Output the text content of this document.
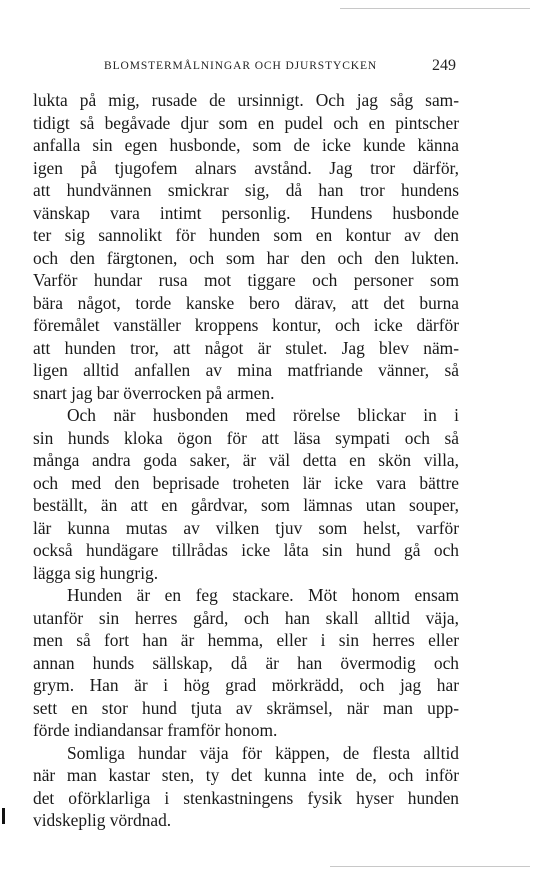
BLOMSTERMÅLNINGAR OCH DJURSTYCKEN	249
lukta på mig, rusade de ursinnigt. Och jag såg sam-
tidigt så begåvade djur som en pudel och en pintscher
anfalla sin egen husbonde, som de icke kunde känna
igen på tjugofem alnars avstånd. Jag tror därför,
att hundvännen smickrar sig, då han tror hundens
vänskap vara intimt personlig. Hundens husbonde
ter sig sannolikt för hunden som en kontur av den
och den färgtonen, och som har den och den lukten.
Varför hundar rusa mot tiggare och personer som
bära något, torde kanske bero därav, att det burna
föremålet vanställer kroppens kontur, och icke därför
att hunden tror, att något är stulet. Jag blev näm-
ligen alltid anfallen av mina matfriande vänner, så
snart jag bar överrocken på armen.
Och när husbonden med rörelse blickar in i
sin hunds kloka ögon för att läsa sympati och så
många andra goda saker, är väl detta en skön villa,
och med den beprisade troheten lär icke vara bättre
beställt, än att en gårdvar, som lämnas utan souper,
lär kunna mutas av vilken tjuv som helst, varför
också hundägare tillrådas icke låta sin hund gå och
lägga sig hungrig.
Hunden är en feg stackare. Möt honom ensam
utanför sin herres gård, och han skall alltid väja,
men så fort han är hemma, eller i sin herres eller
annan hunds sällskap, då är han övermodig och
grym. Han är i hög grad mörkrädd, och jag har
sett en stor hund tjuta av skrämsel, när man upp-
förde indiandansar framför honom.
Somliga hundar väja för käppen, de flesta alltid
när man kastar sten, ty det kunna inte de, och inför
det oförklarliga i stenkastningens fysik hyser hunden
vidskeplig vördnad.
